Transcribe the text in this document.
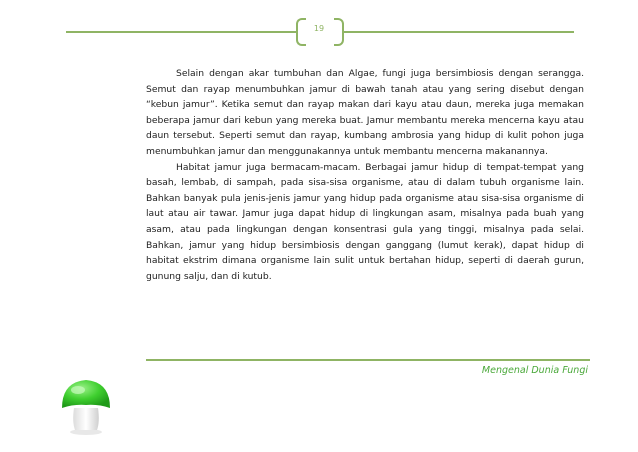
19

Selain dengan akar tumbuhan dan Algae, fungi juga bersimbiosis dengan serangga. Semut dan rayap menumbuhkan jamur di bawah tanah atau yang sering disebut dengan “kebun jamur”. Ketika semut dan rayap makan dari kayu atau daun, mereka juga memakan beberapa jamur dari kebun yang mereka buat. Jamur membantu mereka mencerna kayu atau daun tersebut. Seperti semut dan rayap, kumbang ambrosia yang hidup di kulit pohon juga menumbuhkan jamur dan menggunakannya untuk membantu mencerna makanannya.

Habitat jamur juga bermacam-macam. Berbagai jamur hidup di tempat-tempat yang basah, lembab, di sampah, pada sisa-sisa organisme, atau di dalam tubuh organisme lain. Bahkan banyak pula jenis-jenis jamur yang hidup pada organisme atau sisa-sisa organisme di laut atau air tawar. Jamur juga dapat hidup di lingkungan asam, misalnya pada buah yang asam, atau pada lingkungan dengan konsentrasi gula yang tinggi, misalnya pada selai. Bahkan, jamur yang hidup bersimbiosis dengan ganggang (lumut kerak), dapat hidup di habitat ekstrim dimana organisme lain sulit untuk bertahan hidup, seperti di daerah gurun, gunung salju, dan di kutub.

Mengenal Dunia Fungi
